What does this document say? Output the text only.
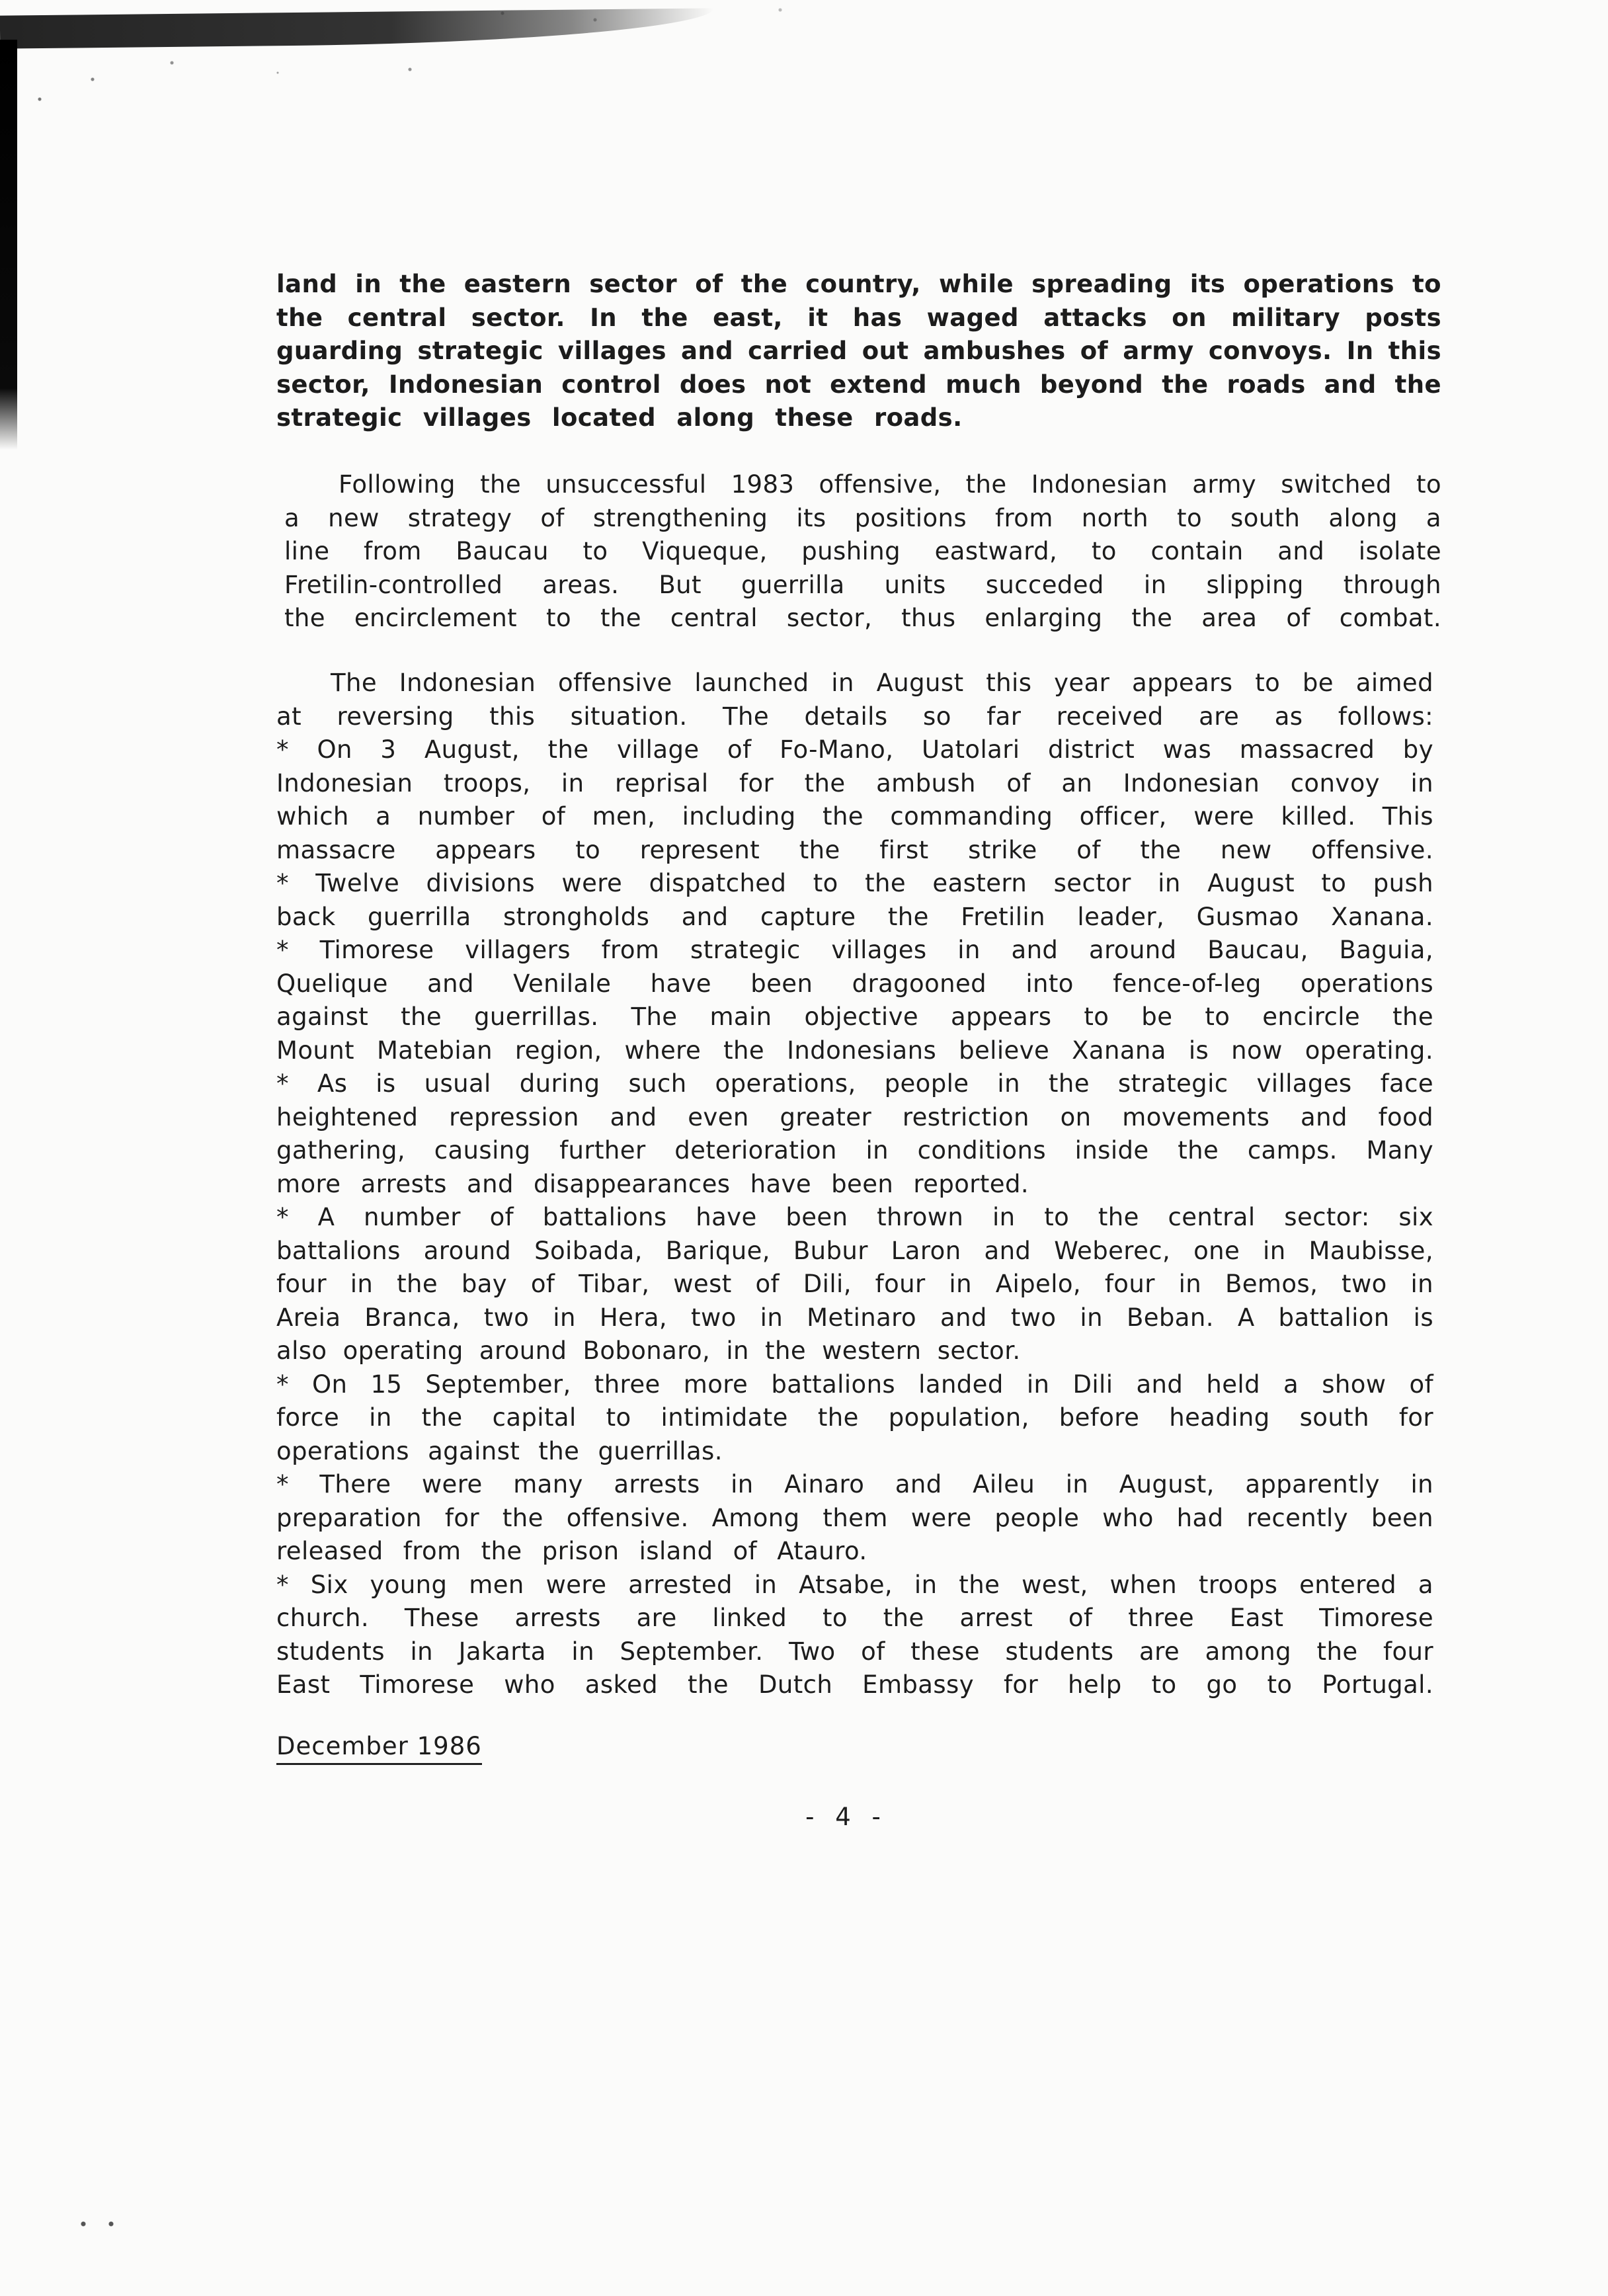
land in the eastern sector of the country, while spreading its operations to
the central sector. In the east, it has waged attacks on military posts
guarding strategic villages and carried out ambushes of army convoys. In this
sector, Indonesian control does not extend much beyond the roads and the
strategic villages located along these roads.
Following the unsuccessful 1983 offensive, the Indonesian army switched to
a new strategy of strengthening its positions from north to south along a
line from Baucau to Viqueque, pushing eastward, to contain and isolate
Fretilin-controlled areas. But guerrilla units succeded in slipping through
the encirclement to the central sector, thus enlarging the area of combat.
The Indonesian offensive launched in August this year appears to be aimed
at reversing this situation. The details so far received are as follows:
* On 3 August, the village of Fo-Mano, Uatolari district was massacred by
Indonesian troops, in reprisal for the ambush of an Indonesian convoy in
which a number of men, including the commanding officer, were killed. This
massacre appears to represent the first strike of the new offensive.
* Twelve divisions were dispatched to the eastern sector in August to push
back guerrilla strongholds and capture the Fretilin leader, Gusmao Xanana.
* Timorese villagers from strategic villages in and around Baucau, Baguia,
Quelique and Venilale have been dragooned into fence-of-leg operations
against the guerrillas. The main objective appears to be to encircle the
Mount Matebian region, where the Indonesians believe Xanana is now operating.
* As is usual during such operations, people in the strategic villages face
heightened repression and even greater restriction on movements and food
gathering, causing further deterioration in conditions inside the camps. Many
more arrests and disappearances have been reported.
* A number of battalions have been thrown in to the central sector: six
battalions around Soibada, Barique, Bubur Laron and Weberec, one in Maubisse,
four in the bay of Tibar, west of Dili, four in Aipelo, four in Bemos, two in
Areia Branca, two in Hera, two in Metinaro and two in Beban. A battalion is
also operating around Bobonaro, in the western sector.
* On 15 September, three more battalions landed in Dili and held a show of
force in the capital to intimidate the population, before heading south for
operations against the guerrillas.
* There were many arrests in Ainaro and Aileu in August, apparently in
preparation for the offensive. Among them were people who had recently been
released from the prison island of Atauro.
* Six young men were arrested in Atsabe, in the west, when troops entered a
church. These arrests are linked to the arrest of three East Timorese
students in Jakarta in September. Two of these students are among the four
East Timorese who asked the Dutch Embassy for help to go to Portugal.
December 1986
- 4 -
